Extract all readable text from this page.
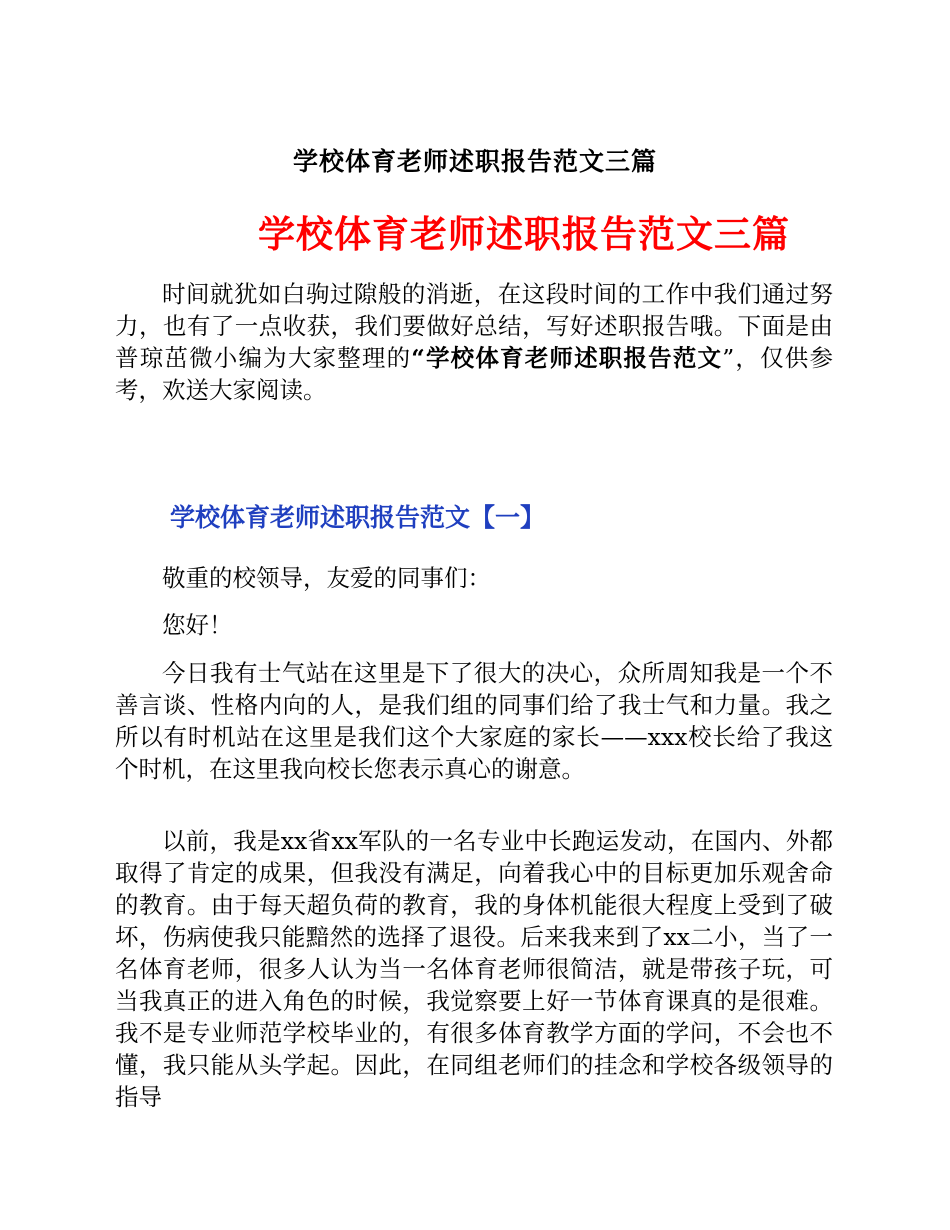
学校体育老师述职报告范文三篇
学校体育老师述职报告范文三篇

时间就犹如白驹过隙般的消逝，在这段时间的工作中我们通过努力，也有了一点收获，我们要做好总结，写好述职报告哦。下面是由普琼茁微小编为大家整理的“学校体育老师述职报告范文”，仅供参考，欢送大家阅读。

学校体育老师述职报告范文【一】

敬重的校领导，友爱的同事们：

您好！

今日我有士气站在这里是下了很大的决心，众所周知我是一个不善言谈、性格内向的人，是我们组的同事们给了我士气和力量。我之所以有时机站在这里是我们这个大家庭的家长——xxx校长给了我这个时机，在这里我向校长您表示真心的谢意。

以前，我是xx省xx军队的一名专业中长跑运发动，在国内、外都取得了肯定的成果，但我没有满足，向着我心中的目标更加乐观舍命的教育。由于每天超负荷的教育，我的身体机能很大程度上受到了破坏，伤病使我只能黯然的选择了退役。后来我来到了xx二小，当了一名体育老师，很多人认为当一名体育老师很简洁，就是带孩子玩，可当我真正的进入角色的时候，我觉察要上好一节体育课真的是很难。我不是专业师范学校毕业的，有很多体育教学方面的学问，不会也不懂，我只能从头学起。因此，在同组老师们的挂念和学校各级领导的指导
